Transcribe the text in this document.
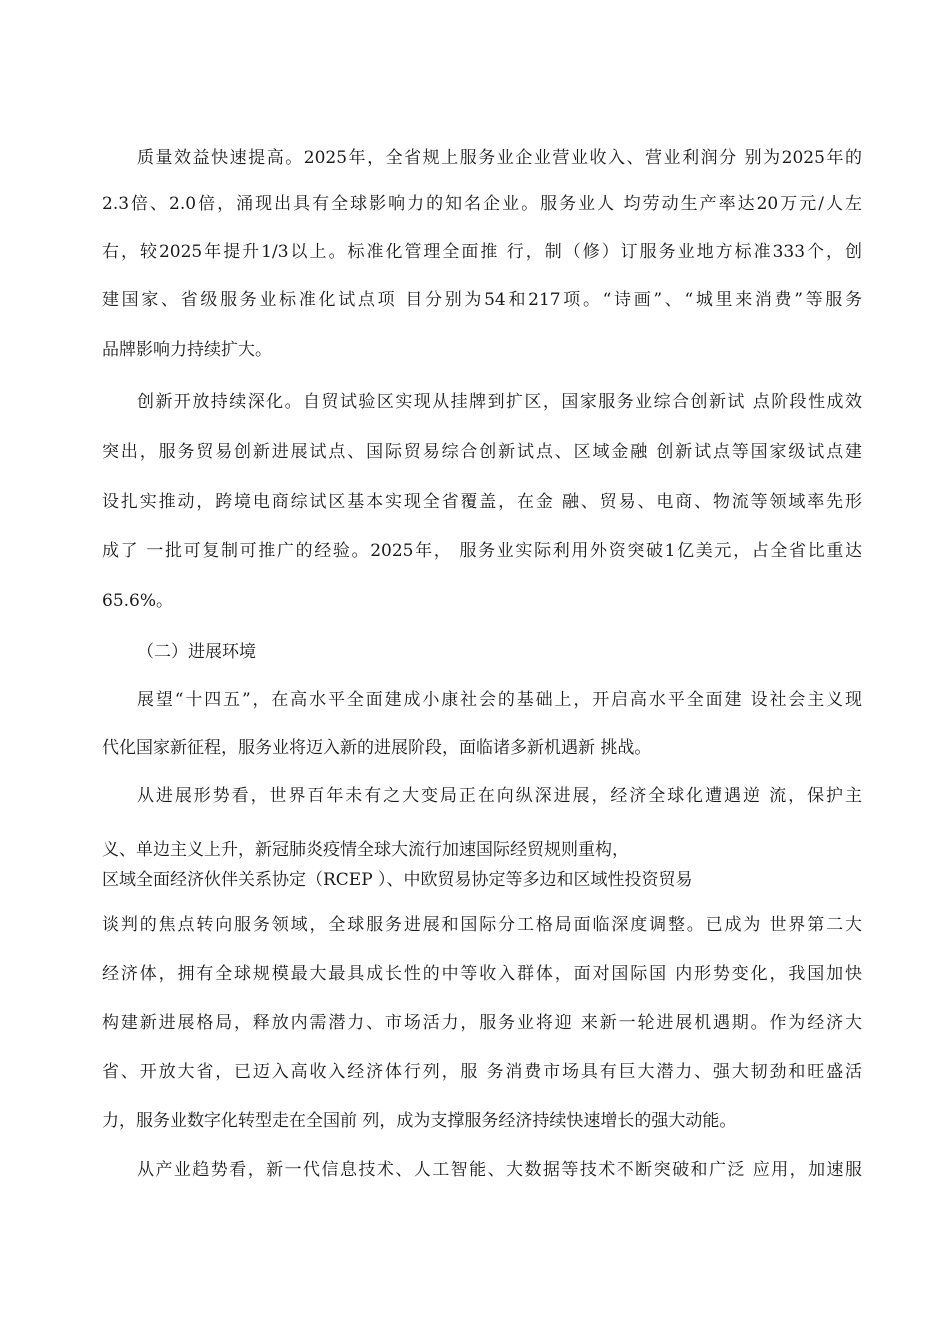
质量效益快速提高。2025年，全省规上服务业企业营业收入、营业利润分 别为2025年的
2.3倍、2.0倍，涌现出具有全球影响力的知名企业。服务业人 均劳动生产率达20万元/人左
右，较2025年提升1/3以上。标准化管理全面推 行，制（修）订服务业地方标准333个，创
建国家、省级服务业标准化试点项 目分别为54和217项。“诗画”、“城里来消费”等服务
品牌影响力持续扩大。
创新开放持续深化。自贸试验区实现从挂牌到扩区，国家服务业综合创新试 点阶段性成效
突出，服务贸易创新进展试点、国际贸易综合创新试点、区域金融 创新试点等国家级试点建
设扎实推动，跨境电商综试区基本实现全省覆盖，在金 融、贸易、电商、物流等领域率先形
成了 一批可复制可推广的经验。2025年， 服务业实际利用外资突破1亿美元，占全省比重达
65.6%。
（二）进展环境
展望“十四五”，在高水平全面建成小康社会的基础上，开启高水平全面建 设社会主义现
代化国家新征程，服务业将迈入新的进展阶段，面临诸多新机遇新 挑战。
从进展形势看，世界百年未有之大变局正在向纵深进展，经济全球化遭遇逆 流，保护主
义、单边主义上升，新冠肺炎疫情全球大流行加速国际经贸规则重构，
区域全面经济伙伴关系协定（RCEP ）、中欧贸易协定等多边和区域性投资贸易
谈判的焦点转向服务领域，全球服务进展和国际分工格局面临深度调整。已成为 世界第二大
经济体，拥有全球规模最大最具成长性的中等收入群体，面对国际国 内形势变化，我国加快
构建新进展格局，释放内需潜力、市场活力，服务业将迎 来新一轮进展机遇期。作为经济大
省、开放大省，已迈入高收入经济体行列，服 务消费市场具有巨大潜力、强大韧劲和旺盛活
力，服务业数字化转型走在全国前 列，成为支撑服务经济持续快速增长的强大动能。
从产业趋势看，新一代信息技术、人工智能、大数据等技术不断突破和广泛 应用，加速服
